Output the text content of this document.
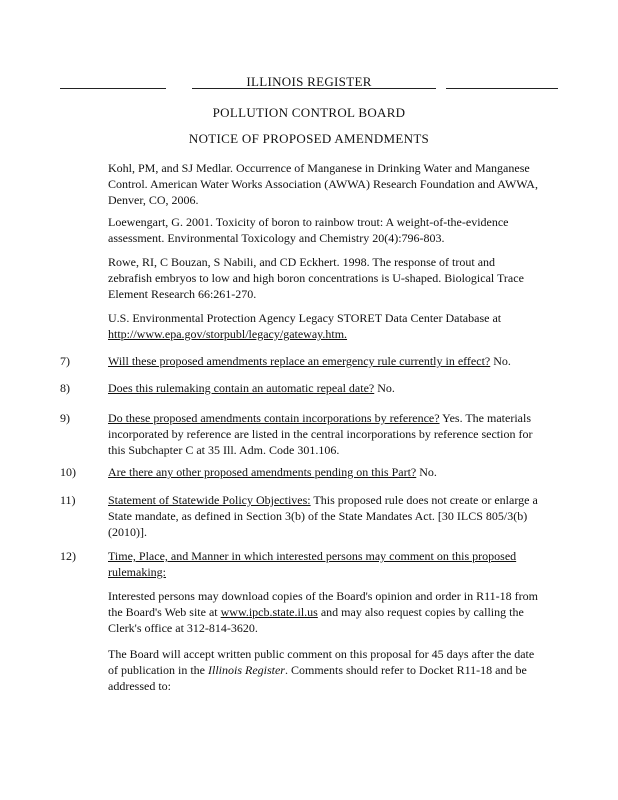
ILLINOIS REGISTER
POLLUTION CONTROL BOARD
NOTICE OF PROPOSED AMENDMENTS
Kohl, PM, and SJ Medlar. Occurrence of Manganese in Drinking Water and Manganese Control. American Water Works Association (AWWA) Research Foundation and AWWA, Denver, CO, 2006.
Loewengart, G. 2001. Toxicity of boron to rainbow trout: A weight-of-the-evidence assessment. Environmental Toxicology and Chemistry 20(4):796-803.
Rowe, RI, C Bouzan, S Nabili, and CD Eckhert. 1998. The response of trout and zebrafish embryos to low and high boron concentrations is U-shaped. Biological Trace Element Research 66:261-270.
U.S. Environmental Protection Agency Legacy STORET Data Center Database at http://www.epa.gov/storpubl/legacy/gateway.htm.
7)	Will these proposed amendments replace an emergency rule currently in effect? No.
8)	Does this rulemaking contain an automatic repeal date? No.
9)	Do these proposed amendments contain incorporations by reference? Yes. The materials incorporated by reference are listed in the central incorporations by reference section for this Subchapter C at 35 Ill. Adm. Code 301.106.
10)	Are there any other proposed amendments pending on this Part? No.
11)	Statement of Statewide Policy Objectives: This proposed rule does not create or enlarge a State mandate, as defined in Section 3(b) of the State Mandates Act. [30 ILCS 805/3(b) (2010)].
12)	Time, Place, and Manner in which interested persons may comment on this proposed rulemaking:
Interested persons may download copies of the Board's opinion and order in R11-18 from the Board's Web site at www.ipcb.state.il.us and may also request copies by calling the Clerk's office at 312-814-3620.
The Board will accept written public comment on this proposal for 45 days after the date of publication in the Illinois Register. Comments should refer to Docket R11-18 and be addressed to:
